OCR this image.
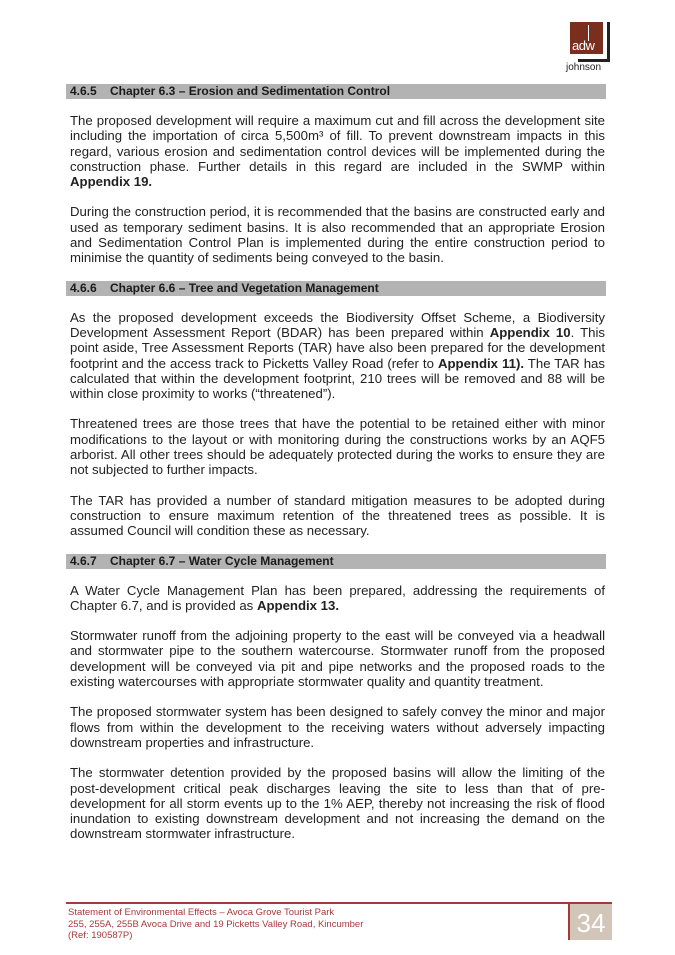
adw
johnson
4.6.5 Chapter 6.3 – Erosion and Sedimentation Control

The proposed development will require a maximum cut and fill across the development site including the importation of circa 5,500m³ of fill. To prevent downstream impacts in this regard, various erosion and sedimentation control devices will be implemented during the construction phase. Further details in this regard are included in the SWMP within Appendix 19.

During the construction period, it is recommended that the basins are constructed early and used as temporary sediment basins. It is also recommended that an appropriate Erosion and Sedimentation Control Plan is implemented during the entire construction period to minimise the quantity of sediments being conveyed to the basin.

4.6.6 Chapter 6.6 – Tree and Vegetation Management

As the proposed development exceeds the Biodiversity Offset Scheme, a Biodiversity Development Assessment Report (BDAR) has been prepared within Appendix 10. This point aside, Tree Assessment Reports (TAR) have also been prepared for the development footprint and the access track to Picketts Valley Road (refer to Appendix 11). The TAR has calculated that within the development footprint, 210 trees will be removed and 88 will be within close proximity to works (“threatened”).

Threatened trees are those trees that have the potential to be retained either with minor modifications to the layout or with monitoring during the constructions works by an AQF5 arborist. All other trees should be adequately protected during the works to ensure they are not subjected to further impacts.

The TAR has provided a number of standard mitigation measures to be adopted during construction to ensure maximum retention of the threatened trees as possible. It is assumed Council will condition these as necessary.

4.6.7 Chapter 6.7 – Water Cycle Management

A Water Cycle Management Plan has been prepared, addressing the requirements of Chapter 6.7, and is provided as Appendix 13.

Stormwater runoff from the adjoining property to the east will be conveyed via a headwall and stormwater pipe to the southern watercourse. Stormwater runoff from the proposed development will be conveyed via pit and pipe networks and the proposed roads to the existing watercourses with appropriate stormwater quality and quantity treatment.

The proposed stormwater system has been designed to safely convey the minor and major flows from within the development to the receiving waters without adversely impacting downstream properties and infrastructure.

The stormwater detention provided by the proposed basins will allow the limiting of the post-development critical peak discharges leaving the site to less than that of pre-development for all storm events up to the 1% AEP, thereby not increasing the risk of flood inundation to existing downstream development and not increasing the demand on the downstream stormwater infrastructure.

Statement of Environmental Effects – Avoca Grove Tourist Park
255, 255A, 255B Avoca Drive and 19 Picketts Valley Road, Kincumber
(Ref: 190587P)	34
